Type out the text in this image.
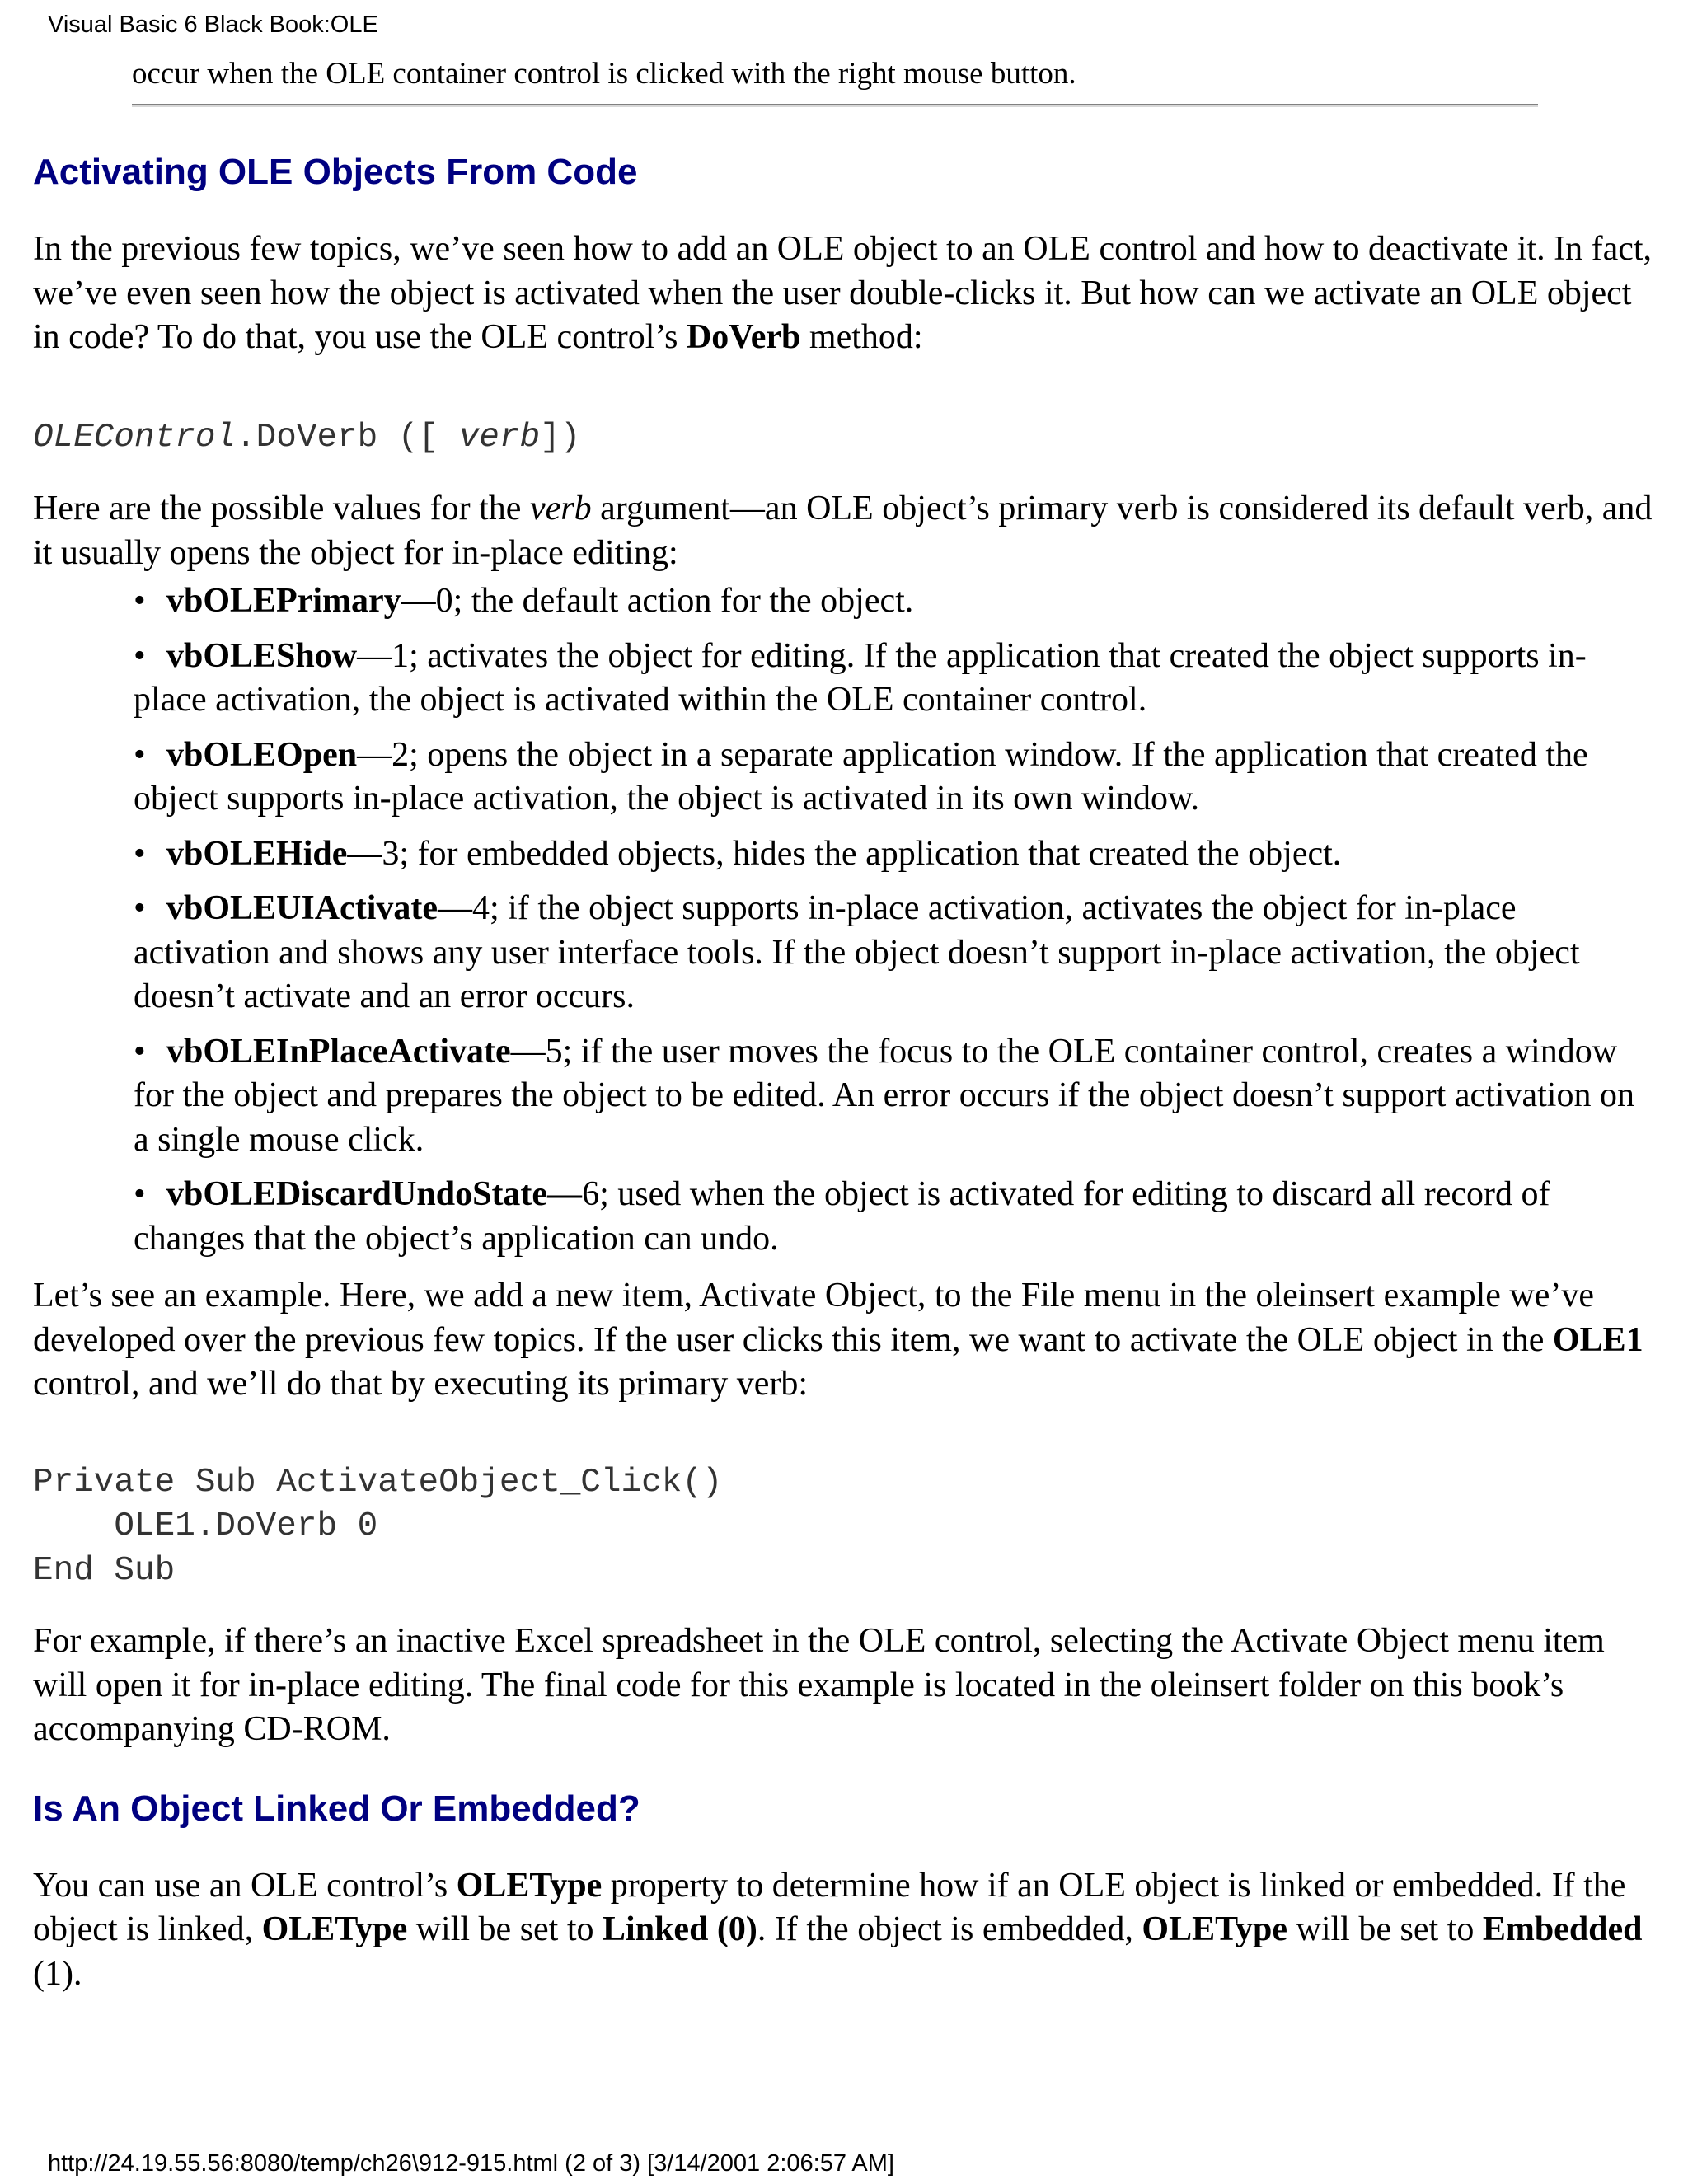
Visual Basic 6 Black Book:OLE
occur when the OLE container control is clicked with the right mouse button.
Activating OLE Objects From Code

In the previous few topics, we’ve seen how to add an OLE object to an OLE control and how to deactivate it. In fact, we’ve even seen how the object is activated when the user double-clicks it. But how can we activate an OLE object in code? To do that, you use the OLE control’s DoVerb method:

OLEControl.DoVerb ([ verb])

Here are the possible values for the verb argument—an OLE object’s primary verb is considered its default verb, and it usually opens the object for in-place editing:

• vbOLEPrimary—0; the default action for the object.
• vbOLEShow—1; activates the object for editing. If the application that created the object supports in-place activation, the object is activated within the OLE container control.
• vbOLEOpen—2; opens the object in a separate application window. If the application that created the object supports in-place activation, the object is activated in its own window.
• vbOLEHide—3; for embedded objects, hides the application that created the object.
• vbOLEUIActivate—4; if the object supports in-place activation, activates the object for in-place activation and shows any user interface tools. If the object doesn’t support in-place activation, the object doesn’t activate and an error occurs.
• vbOLEInPlaceActivate—5; if the user moves the focus to the OLE container control, creates a window for the object and prepares the object to be edited. An error occurs if the object doesn’t support activation on a single mouse click.
• vbOLEDiscardUndoState—6; used when the object is activated for editing to discard all record of changes that the object’s application can undo.

Let’s see an example. Here, we add a new item, Activate Object, to the File menu in the oleinsert example we’ve developed over the previous few topics. If the user clicks this item, we want to activate the OLE object in the OLE1 control, and we’ll do that by executing its primary verb:

Private Sub ActivateObject_Click()
OLE1.DoVerb 0
End Sub

For example, if there’s an inactive Excel spreadsheet in the OLE control, selecting the Activate Object menu item will open it for in-place editing. The final code for this example is located in the oleinsert folder on this book’s accompanying CD-ROM.

Is An Object Linked Or Embedded?

You can use an OLE control’s OLEType property to determine how if an OLE object is linked or embedded. If the object is linked, OLEType will be set to Linked (0). If the object is embedded, OLEType will be set to Embedded (1).

http://24.19.55.56:8080/temp/ch26\912-915.html (2 of 3) [3/14/2001 2:06:57 AM]
